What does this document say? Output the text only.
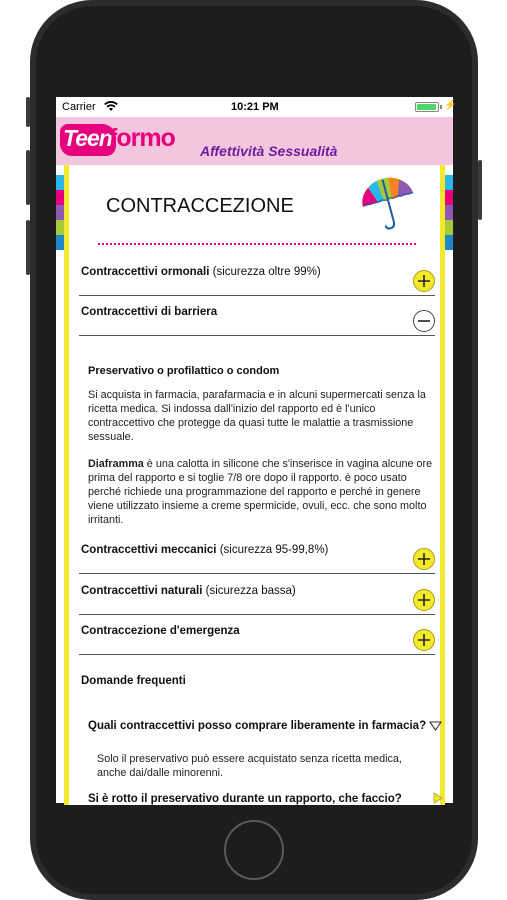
Carrier	10:21 PM	⚡
Teen
formo Affettività Sessualità
CONTRACCEZIONE
Contraccettivi ormonali (sicurezza oltre 99%)
Contraccettivi di barriera
Preservativo o profilattico o condom
Si acquista in farmacia, parafarmacia e in alcuni supermercati senza la ricetta medica. Si indossa dall'inizio del rapporto ed è l'unico contraccettivo che protegge da quasi tutte le malattie a trasmissione sessuale.
Diaframma è una calotta in silicone che s'inserisce in vagina alcune ore prima del rapporto e si toglie 7/8 ore dopo il rapporto. è poco usato perché richiede una programmazione del rapporto e perché in genere viene utilizzato insieme a creme spermicide, ovuli, ecc. che sono molto irritanti.
Contraccettivi meccanici (sicurezza 95-99,8%)
Contraccettivi naturali (sicurezza bassa)
Contraccezione d'emergenza
Domande frequenti
Quali contraccettivi posso comprare liberamente in farmacia?
Solo il preservativo può essere acquistato senza ricetta medica, anche dai/dalle minorenni.
Si è rotto il preservativo durante un rapporto, che faccio?
